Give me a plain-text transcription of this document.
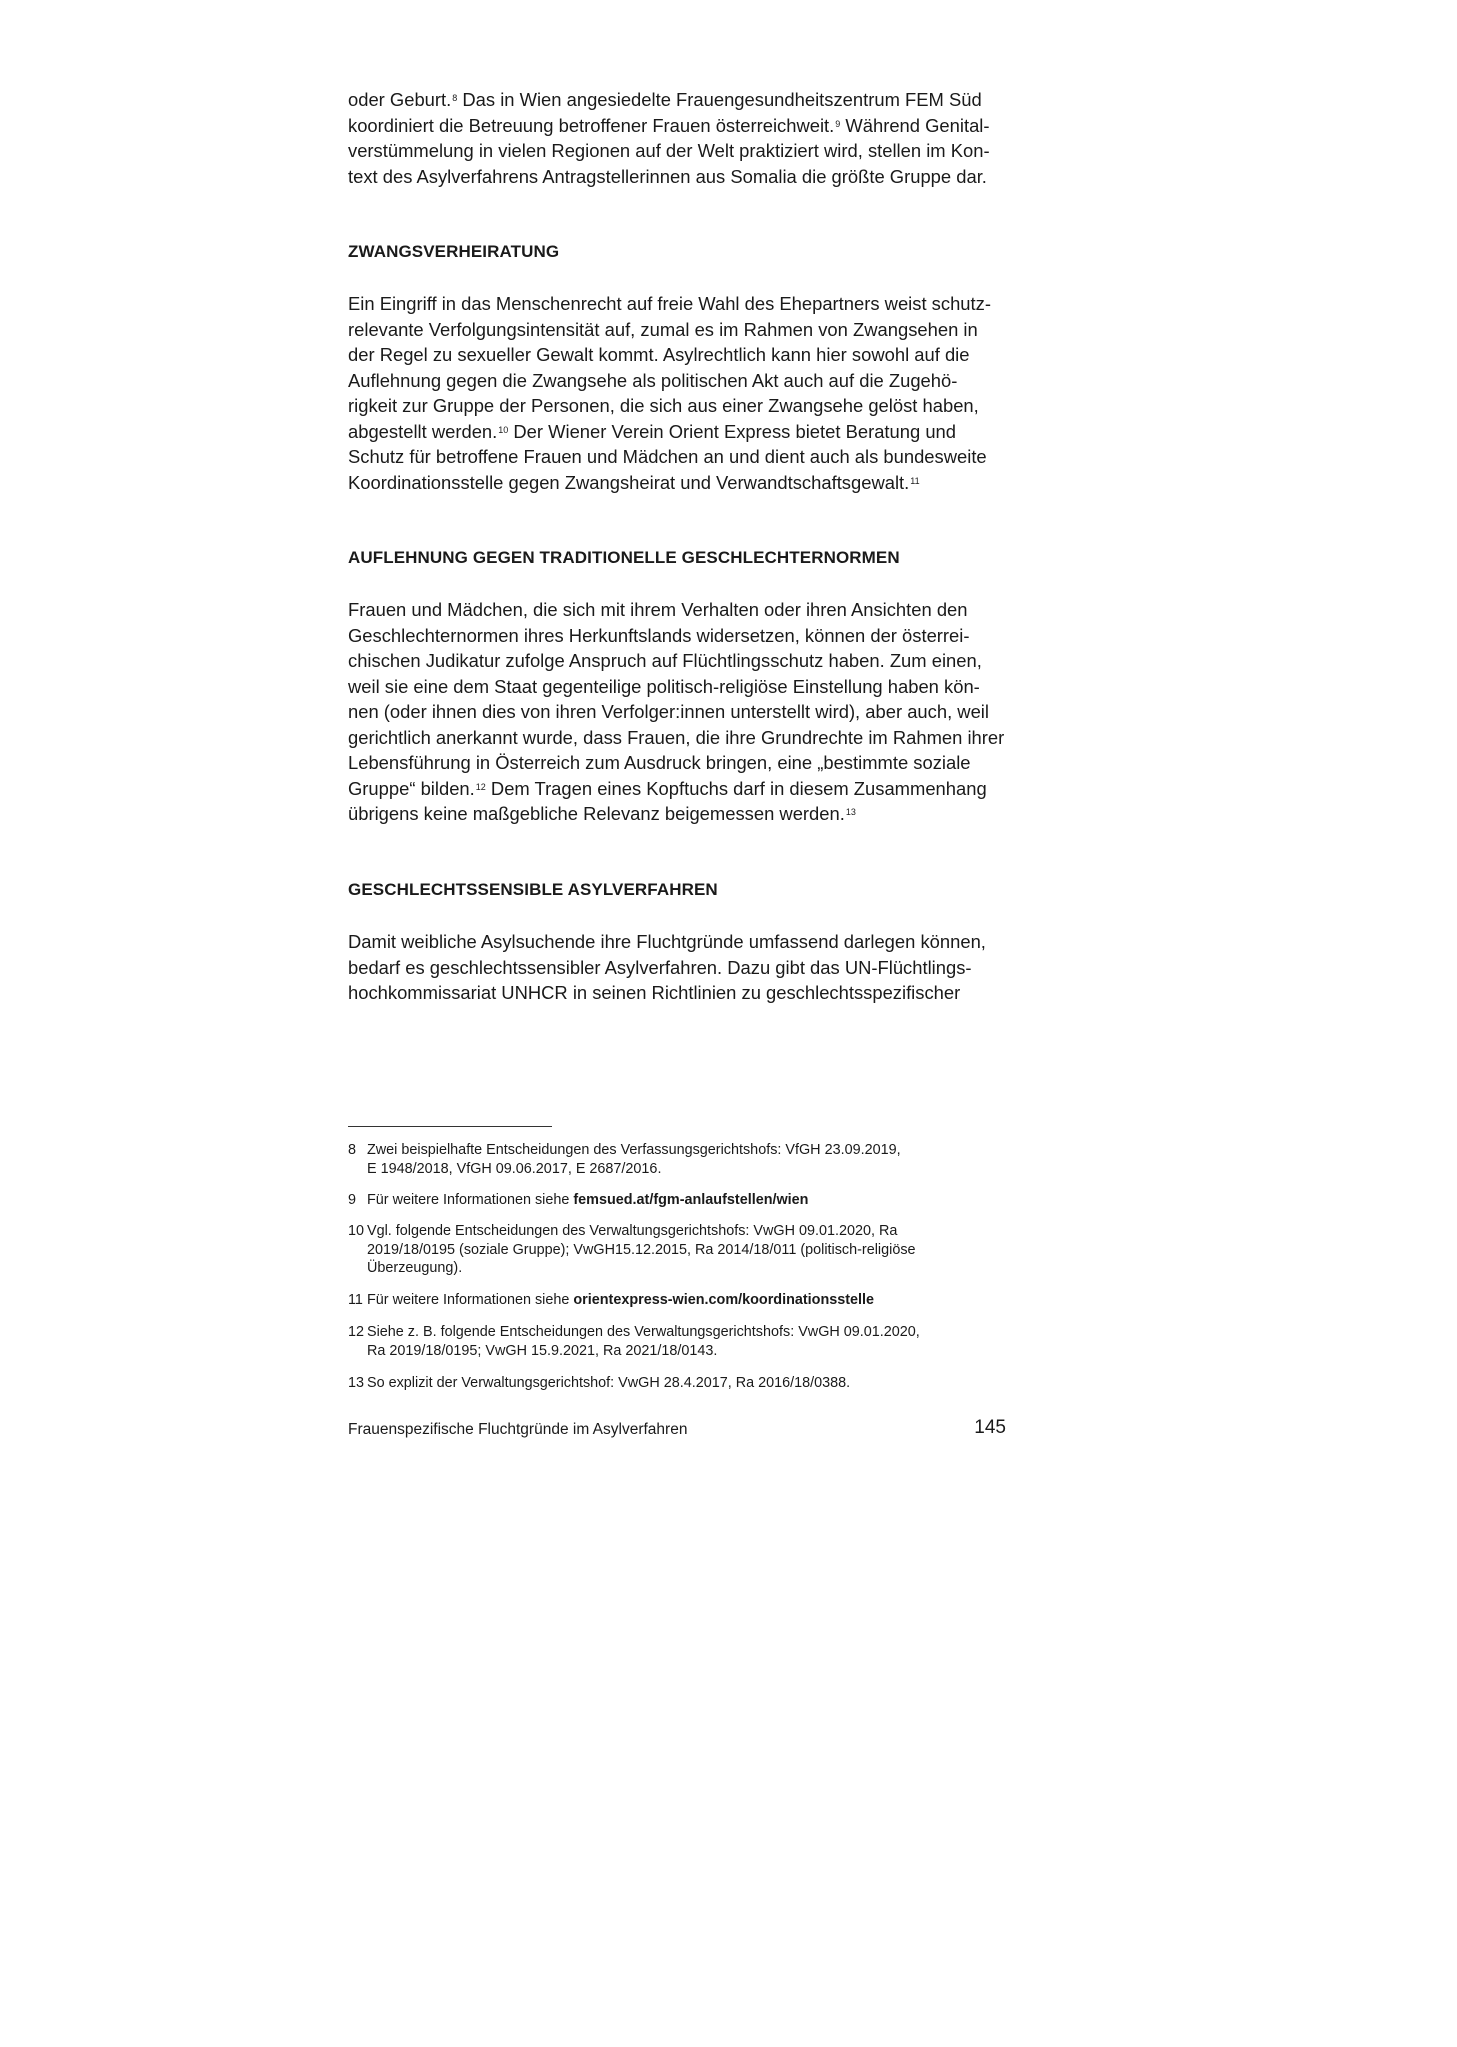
oder Geburt.$^8$ Das in Wien angesiedelte Frauengesundheitszentrum FEM Süd
koordiniert die Betreuung betroffener Frauen österreichweit.$^9$ Während Genital-
verstümmelung in vielen Regionen auf der Welt praktiziert wird, stellen im Kon-
text des Asylverfahrens Antragstellerinnen aus Somalia die größte Gruppe dar.

ZWANGSVERHEIRATUNG

Ein Eingriff in das Menschenrecht auf freie Wahl des Ehepartners weist schutz-
relevante Verfolgungsintensität auf, zumal es im Rahmen von Zwangsehen in
der Regel zu sexueller Gewalt kommt. Asylrechtlich kann hier sowohl auf die
Auflehnung gegen die Zwangsehe als politischen Akt auch auf die Zugehö-
rigkeit zur Gruppe der Personen, die sich aus einer Zwangsehe gelöst haben,
abgestellt werden.$^{10}$ Der Wiener Verein Orient Express bietet Beratung und
Schutz für betroffene Frauen und Mädchen an und dient auch als bundesweite
Koordinationsstelle gegen Zwangsheirat und Verwandtschaftsgewalt.$^{11}$

AUFLEHNUNG GEGEN TRADITIONELLE GESCHLECHTERNORMEN

Frauen und Mädchen, die sich mit ihrem Verhalten oder ihren Ansichten den
Geschlechternormen ihres Herkunftslands widersetzen, können der österrei-
chischen Judikatur zufolge Anspruch auf Flüchtlingsschutz haben. Zum einen,
weil sie eine dem Staat gegenteilige politisch-religiöse Einstellung haben kön-
nen (oder ihnen dies von ihren Verfolger:innen unterstellt wird), aber auch, weil
gerichtlich anerkannt wurde, dass Frauen, die ihre Grundrechte im Rahmen ihrer
Lebensführung in Österreich zum Ausdruck bringen, eine „bestimmte soziale
Gruppe“ bilden.$^{12}$ Dem Tragen eines Kopftuchs darf in diesem Zusammenhang
übrigens keine maßgebliche Relevanz beigemessen werden.$^{13}$

GESCHLECHTSSENSIBLE ASYLVERFAHREN

Damit weibliche Asylsuchende ihre Fluchtgründe umfassend darlegen können,
bedarf es geschlechtssensibler Asylverfahren. Dazu gibt das UN-Flüchtlings-
hochkommissariat UNHCR in seinen Richtlinien zu geschlechtsspezifischer

8 Zwei beispielhafte Entscheidungen des Verfassungsgerichtshofs: VfGH 23.09.2019,
E 1948/2018, VfGH 09.06.2017, E 2687/2016.
9 Für weitere Informationen siehe femsued.at/fgm-anlaufstellen/wien
10 Vgl. folgende Entscheidungen des Verwaltungsgerichtshofs: VwGH 09.01.2020, Ra
2019/18/0195 (soziale Gruppe); VwGH15.12.2015, Ra 2014/18/011 (politisch-religiöse
Überzeugung).
11 Für weitere Informationen siehe orientexpress-wien.com/koordinationsstelle
12 Siehe z. B. folgende Entscheidungen des Verwaltungsgerichtshofs: VwGH 09.01.2020,
Ra 2019/18/0195; VwGH 15.9.2021, Ra 2021/18/0143.
13 So explizit der Verwaltungsgerichtshof: VwGH 28.4.2017, Ra 2016/18/0388.
Frauenspezifische Fluchtgründe im Asylverfahren	145
